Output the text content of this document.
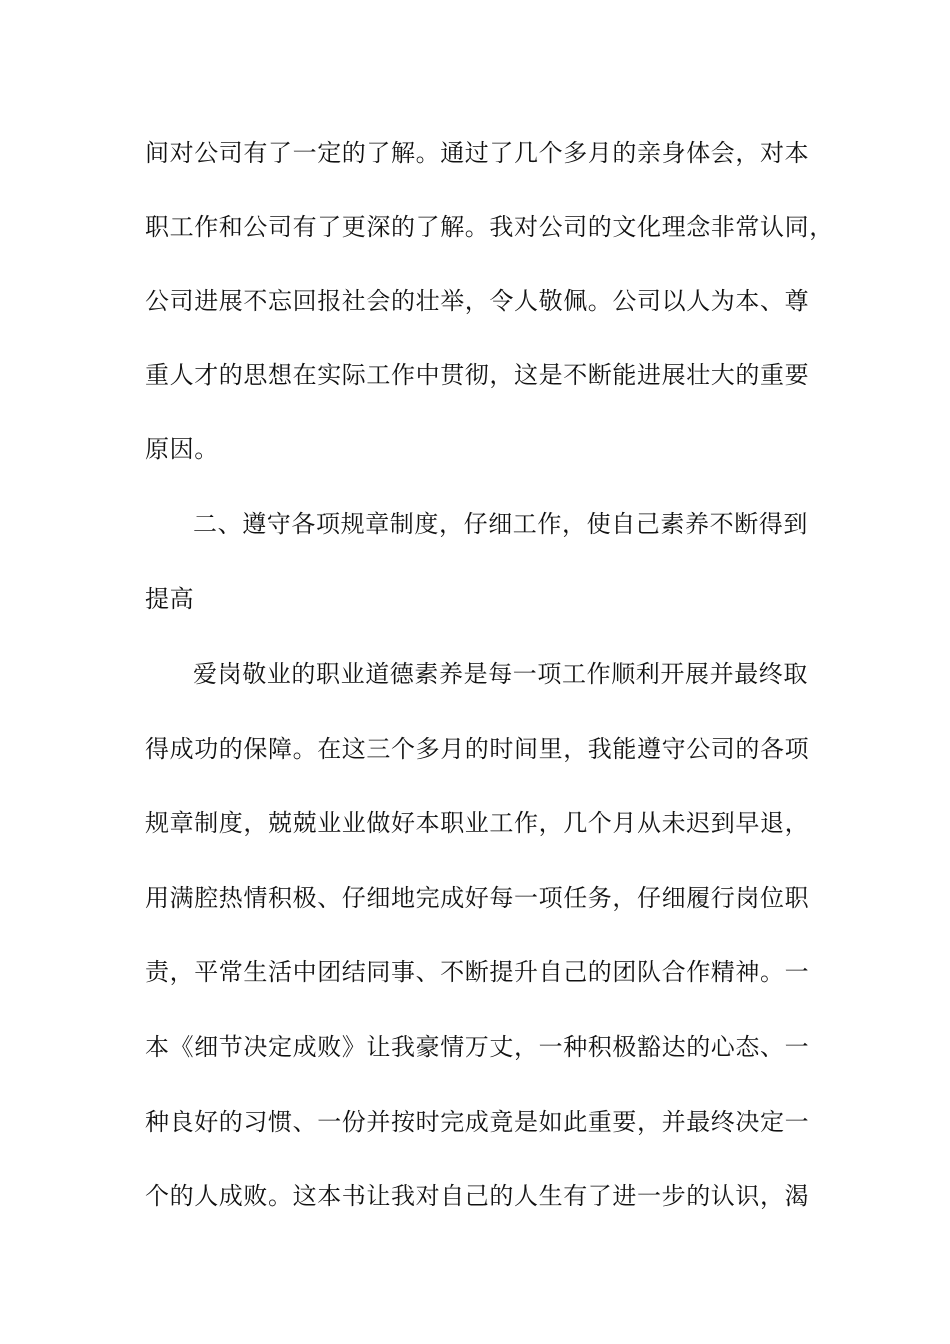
间对公司有了一定的了解。通过了几个多月的亲身体会，对本
职工作和公司有了更深的了解。我对公司的文化理念非常认同，
公司进展不忘回报社会的壮举，令人敬佩。公司以人为本、尊
重人才的思想在实际工作中贯彻，这是不断能进展壮大的重要
原因。
二、遵守各项规章制度，仔细工作，使自己素养不断得到
提高
爱岗敬业的职业道德素养是每一项工作顺利开展并最终取
得成功的保障。在这三个多月的时间里，我能遵守公司的各项
规章制度，兢兢业业做好本职业工作，几个月从未迟到早退，
用满腔热情积极、仔细地完成好每一项任务，仔细履行岗位职
责，平常生活中团结同事、不断提升自己的团队合作精神。一
本《细节决定成败》让我豪情万丈，一种积极豁达的心态、一
种良好的习惯、一份并按时完成竟是如此重要，并最终决定一
个的人成败。这本书让我对自己的人生有了进一步的认识，渴
